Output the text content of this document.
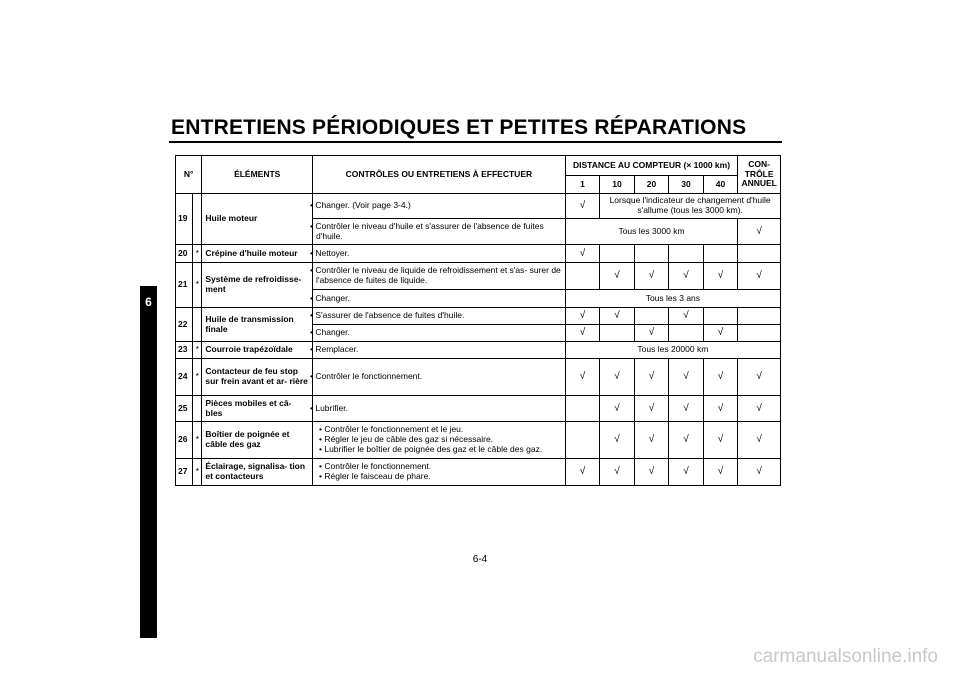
ENTRETIENS PÉRIODIQUES ET PETITES RÉPARATIONS
6
N°		ÉLÉMENTS	CONTRÔLES OU ENTRETIENS À EFFECTUER	DISTANCE AU COMPTEUR (× 1000 km)					CON- TRÔLE ANNUEL
				1	10	20	30	40	
19		Huile moteur	• Changer. (Voir page 3-4.)	√	Lorsque l'indicateur de changement d'huile s'allume (tous les 3000 km).				
			• Contrôler le niveau d'huile et s'assurer de l'absence de fuites d'huile.	Tous les 3000 km					√
20	*	Crépine d'huile moteur	• Nettoyer.	√					
21	*	Système de refroidisse- ment	• Contrôler le niveau de liquide de refroidissement et s'as- surer de l'absence de fuites de liquide.		√	√	√	√	√
			• Changer.	Tous les 3 ans					
22		Huile de transmission finale	• S'assurer de l'absence de fuites d'huile.	√	√		√		
			• Changer.	√		√		√	
23	*	Courroie trapézoïdale	• Remplacer.	Tous les 20000 km					
24	*	Contacteur de feu stop sur frein avant et ar- rière	• Contrôler le fonctionnement.	√	√	√	√	√	√
25		Pièces mobiles et câ- bles	• Lubrifier.		√	√	√	√	√
26	*	Boîtier de poignée et câble des gaz	• Contrôler le fonctionnement et le jeu.
• Régler le jeu de câble des gaz si nécessaire.
• Lubrifier le boîtier de poignée des gaz et le câble des gaz.		√	√	√	√	√
27	*	Éclairage, signalisa- tion et contacteurs	• Contrôler le fonctionnement.
• Régler le faisceau de phare.	√	√	√	√	√	√
6-4
carmanualsonline.info
